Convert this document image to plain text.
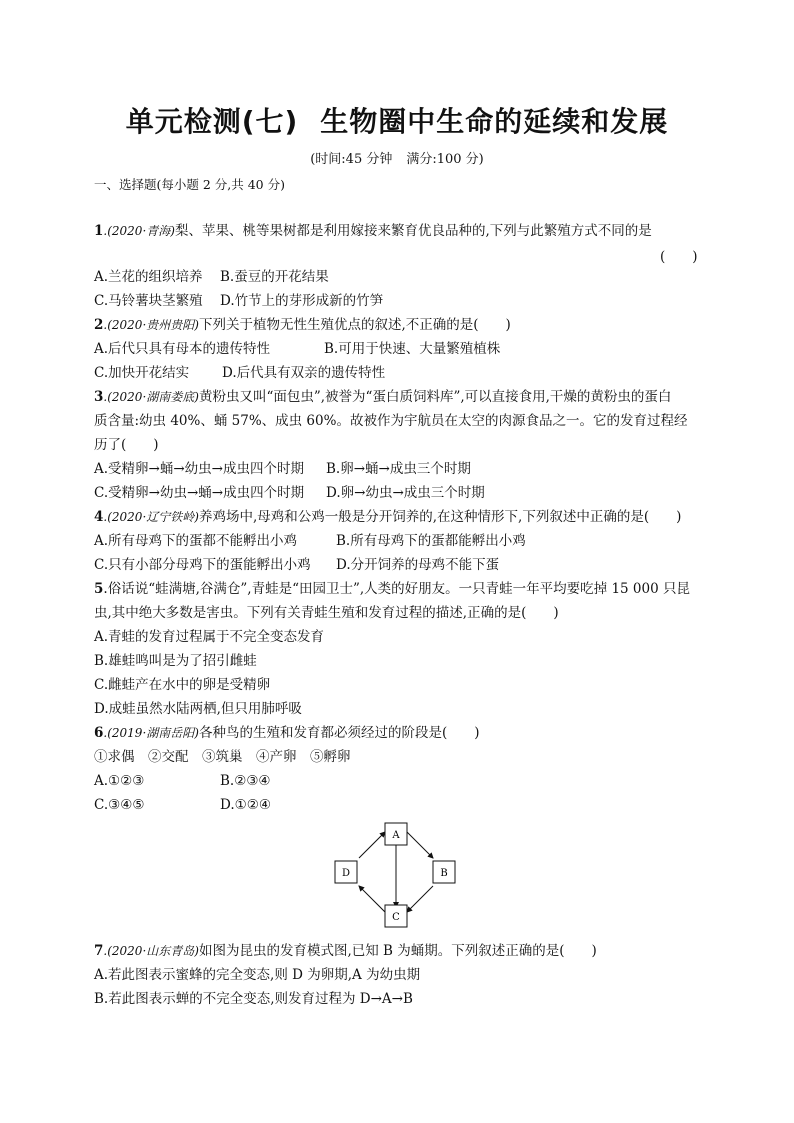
单元检测(七) 生物圈中生命的延续和发展
(时间:45 分钟 满分:100 分)
一、选择题(每小题 2 分,共 40 分)
1.(2020·青海)梨、苹果、桃等果树都是利用嫁接来繁育优良品种的,下列与此繁殖方式不同的是
(　　)
A.兰花的组织培养 B.蚕豆的开花结果
C.马铃薯块茎繁殖 D.竹节上的芽形成新的竹笋
2.(2020·贵州贵阳)下列关于植物无性生殖优点的叙述,不正确的是(　　)
A.后代只具有母本的遗传特性	B.可用于快速、大量繁殖植株
C.加快开花结实 D.后代具有双亲的遗传特性
3.(2020·湖南娄底)黄粉虫又叫“面包虫”,被誉为“蛋白质饲料库”,可以直接食用,干燥的黄粉虫的蛋白
质含量:幼虫 40%、蛹 57%、成虫 60%。故被作为宇航员在太空的肉源食品之一。它的发育过程经
历了(　　)
A.受精卵→蛹→幼虫→成虫四个时期 B.卵→蛹→成虫三个时期
C.受精卵→幼虫→蛹→成虫四个时期 D.卵→幼虫→成虫三个时期
4.(2020·辽宁铁岭)养鸡场中,母鸡和公鸡一般是分开饲养的,在这种情形下,下列叙述中正确的是(　　)
A.所有母鸡下的蛋都不能孵出小鸡	B.所有母鸡下的蛋都能孵出小鸡
C.只有小部分母鸡下的蛋能孵出小鸡 D.分开饲养的母鸡不能下蛋
5.俗话说“蛙满塘,谷满仓”,青蛙是“田园卫士”,人类的好朋友。一只青蛙一年平均要吃掉 15 000 只昆
虫,其中绝大多数是害虫。下列有关青蛙生殖和发育过程的描述,正确的是(　　)
A.青蛙的发育过程属于不完全变态发育
B.雄蛙鸣叫是为了招引雌蛙
C.雌蛙产在水中的卵是受精卵
D.成蛙虽然水陆两栖,但只用肺呼吸
6.(2019·湖南岳阳)各种鸟的生殖和发育都必须经过的阶段是(　　)
①求偶　②交配　③筑巢　④产卵　⑤孵卵
A.①②③	B.②③④
C.③④⑤	D.①②④
A
B
C
D
7.(2020·山东青岛)如图为昆虫的发育模式图,已知 B 为蛹期。下列叙述正确的是(　　)
A.若此图表示蜜蜂的完全变态,则 D 为卵期,A 为幼虫期
B.若此图表示蝉的不完全变态,则发育过程为 D→A→B
